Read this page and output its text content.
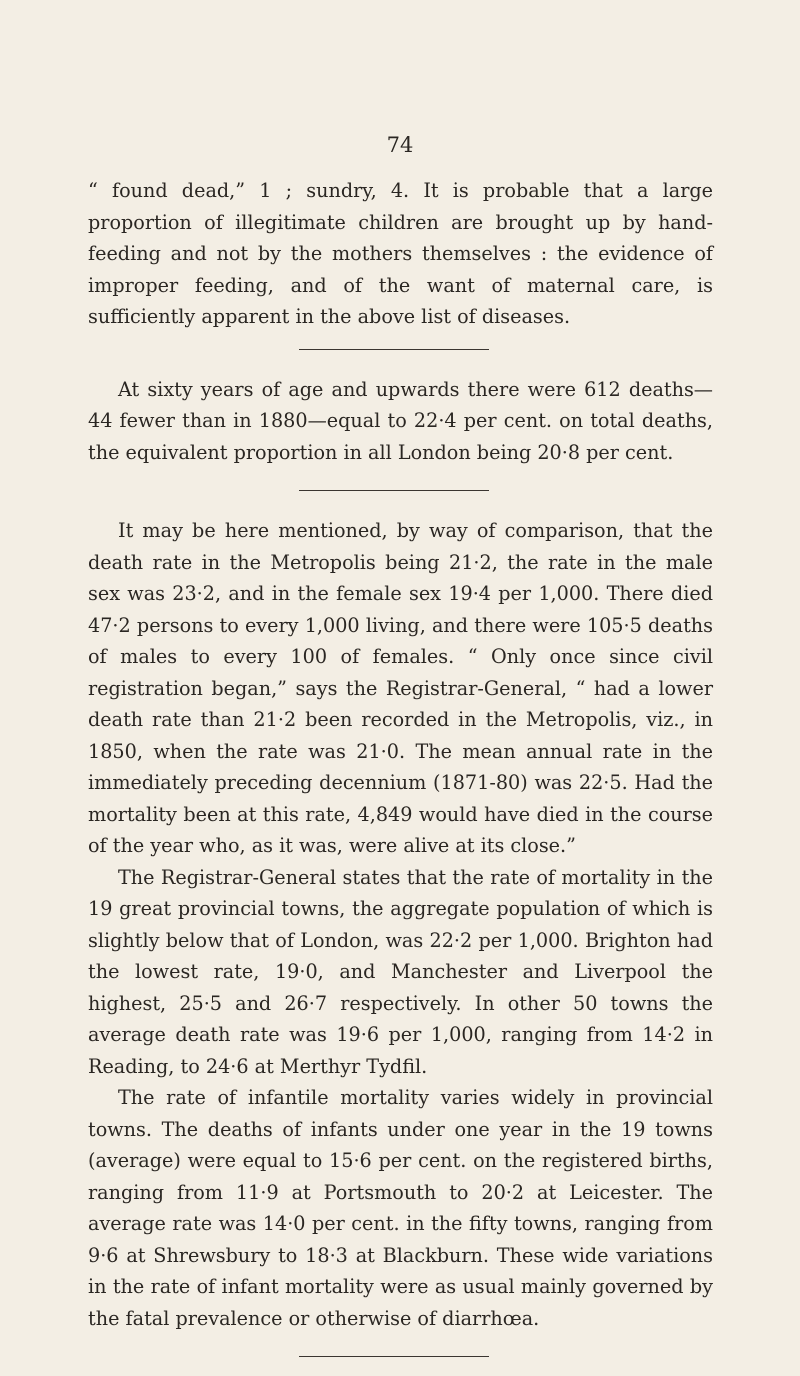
74

“ found dead,” 1 ; sundry, 4. It is probable that a large proportion of illegitimate children are brought up by hand-feeding and not by the mothers themselves : the evidence of improper feeding, and of the want of maternal care, is sufficiently apparent in the above list of diseases.

At sixty years of age and upwards there were 612 deaths—44 fewer than in 1880—equal to 22·4 per cent. on total deaths, the equivalent proportion in all London being 20·8 per cent.

It may be here mentioned, by way of comparison, that the death rate in the Metropolis being 21·2, the rate in the male sex was 23·2, and in the female sex 19·4 per 1,000. There died 47·2 persons to every 1,000 living, and there were 105·5 deaths of males to every 100 of females. “ Only once since civil registration began,” says the Registrar-General, “ had a lower death rate than 21·2 been recorded in the Metropolis, viz., in 1850, when the rate was 21·0. The mean annual rate in the immediately preceding decennium (1871-80) was 22·5. Had the mortality been at this rate, 4,849 would have died in the course of the year who, as it was, were alive at its close.”

The Registrar-General states that the rate of mortality in the 19 great provincial towns, the aggregate population of which is slightly below that of London, was 22·2 per 1,000. Brighton had the lowest rate, 19·0, and Manchester and Liverpool the highest, 25·5 and 26·7 respectively. In other 50 towns the average death rate was 19·6 per 1,000, ranging from 14·2 in Reading, to 24·6 at Merthyr Tydfil.

The rate of infantile mortality varies widely in provincial towns. The deaths of infants under one year in the 19 towns (average) were equal to 15·6 per cent. on the registered births, ranging from 11·9 at Portsmouth to 20·2 at Leicester. The average rate was 14·0 per cent. in the fifty towns, ranging from 9·6 at Shrewsbury to 18·3 at Blackburn. These wide variations in the rate of infant mortality were as usual mainly governed by the fatal prevalence or otherwise of diarrhœa.
